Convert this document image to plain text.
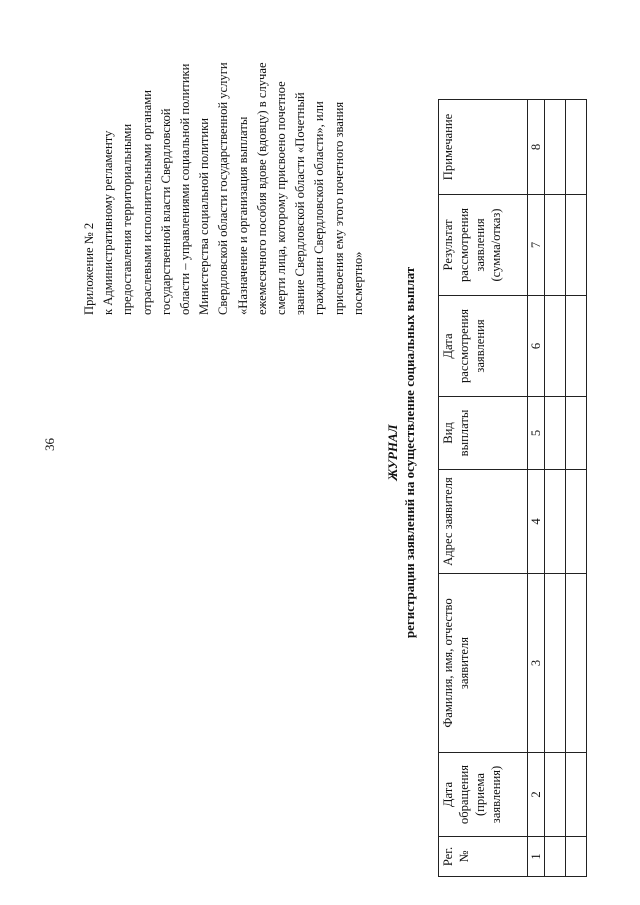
36
Приложение № 2 к Административному регламенту предоставления территориальными отраслевыми исполнительными органами государственной власти Свердловской области – управлениями социальной политики Министерства социальной политики Свердловской области государственной услуги «Назначение и организация выплаты ежемесячного пособия вдове (вдовцу) в случае смерти лица, которому присвоено почетное звание Свердловской области «Почетный гражданин Свердловской области», или присвоения ему этого почетного звания посмертно»
ЖУРНАЛ регистрации заявлений на осуществление социальных выплат
Рег. №	Дата обращения (приема заявления)	Фамилия, имя, отчество заявителя	Адрес заявителя	Вид выплаты	Дата рассмотрения заявления	Результат рассмотрения заявления (сумма/отказ)	Примечание

1	2	3	4	5	6	7	8
